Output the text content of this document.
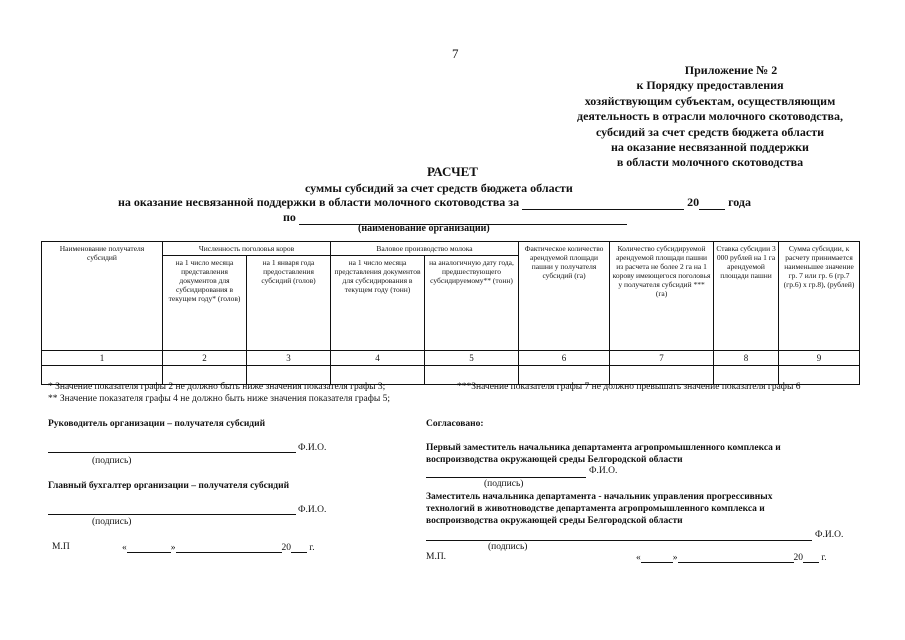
7
Приложение № 2
к Порядку предоставления
хозяйствующим субъектам, осуществляющим
деятельность в отрасли молочного скотоводства,
субсидий за счет средств бюджета области
на оказание несвязанной поддержки
в области молочного скотоводства
РАСЧЕТ
суммы субсидий за счет средств бюджета области
на оказание несвязанной поддержки в области молочного скотоводства за	20 года
по
(наименование организации)
Наименование получателя субсидий	Численность поголовья коров		Валовое производство молока		Фактическое количество арендуемой площади пашни у получателя субсидий (га)	Количество субсидируемой арендуемой площади пашни из расчета не более 2 га на 1 корову имеющегося поголовья у получателя субсидий *** (га)	Ставка субсидии 3 000 рублей на 1 га арендуемой площади пашни	Сумма субсидии, к расчету принимается наименьшее значение гр. 7 или гр. 6 (гр.7 (гр.6) х гр.8), (рублей)
	на 1 число месяца представления документов для субсидирования в текущем году* (голов)	на 1 января года предоставления субсидий (голов)	на 1 число месяца представления документов для субсидирования в текущем году (тонн)	на аналогичную дату года, предшествующего субсидируемому** (тонн)				
1	2	3	4	5	6	7	8	9

* Значение показателя графы 2 не должно быть ниже значения показателя графы 3;	***Значение показателя графы 7 не должно превышать значение показателя графы 6
** Значение показателя графы 4 не должно быть ниже значения показателя графы 5;
Руководитель организации – получателя субсидий
Ф.И.О.
(подпись)
Главный бухгалтер организации – получателя субсидий
Ф.И.О.
(подпись)
М.П	«	»	20 г.
Согласовано:
Первый заместитель начальника департамента агропромышленного комплекса и
воспроизводства окружающей среды Белгородской области
Ф.И.О.
(подпись)
Заместитель начальника департамента - начальник управления прогрессивных
технологий в животноводстве департамента агропромышленного комплекса и
воспроизводства окружающей среды Белгородской области
Ф.И.О.
(подпись)
М.П.	«	»	20 г.
